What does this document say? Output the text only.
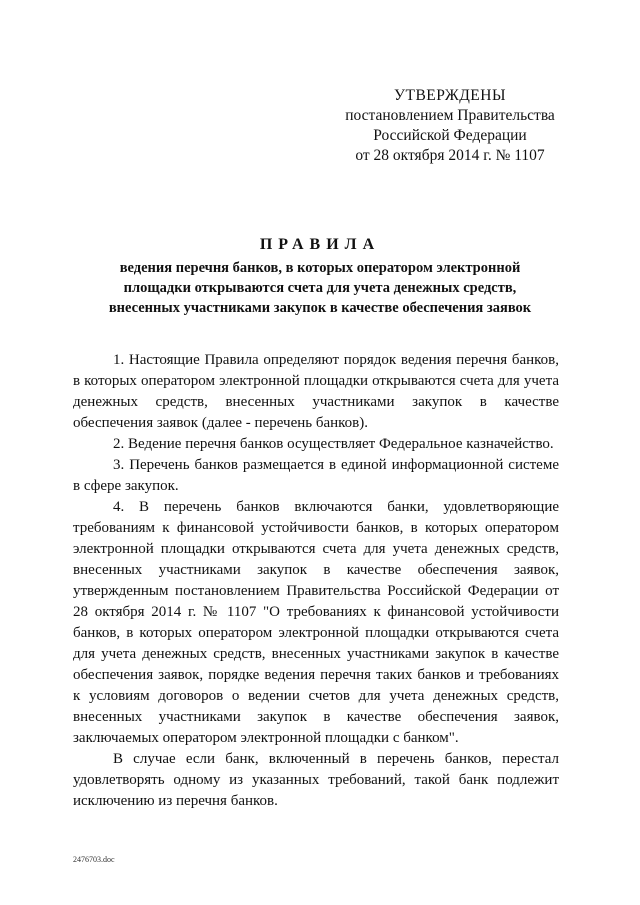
УТВЕРЖДЕНЫ
постановлением Правительства
Российской Федерации
от 28 октября 2014 г. № 1107
ПРАВИЛА
ведения перечня банков, в которых оператором электронной площадки открываются счета для учета денежных средств, внесенных участниками закупок в качестве обеспечения заявок

1. Настоящие Правила определяют порядок ведения перечня банков, в которых оператором электронной площадки открываются счета для учета денежных средств, внесенных участниками закупок в качестве обеспечения заявок (далее - перечень банков).

2. Ведение перечня банков осуществляет Федеральное казначейство.

3. Перечень банков размещается в единой информационной системе в сфере закупок.

4. В перечень банков включаются банки, удовлетворяющие требованиям к финансовой устойчивости банков, в которых оператором электронной площадки открываются счета для учета денежных средств, внесенных участниками закупок в качестве обеспечения заявок, утвержденным постановлением Правительства Российской Федерации от 28 октября 2014 г. № 1107 "О требованиях к финансовой устойчивости банков, в которых оператором электронной площадки открываются счета для учета денежных средств, внесенных участниками закупок в качестве обеспечения заявок, порядке ведения перечня таких банков и требованиях к условиям договоров о ведении счетов для учета денежных средств, внесенных участниками закупок в качестве обеспечения заявок, заключаемых оператором электронной площадки с банком".

В случае если банк, включенный в перечень банков, перестал удовлетворять одному из указанных требований, такой банк подлежит исключению из перечня банков.

2476703.doc
